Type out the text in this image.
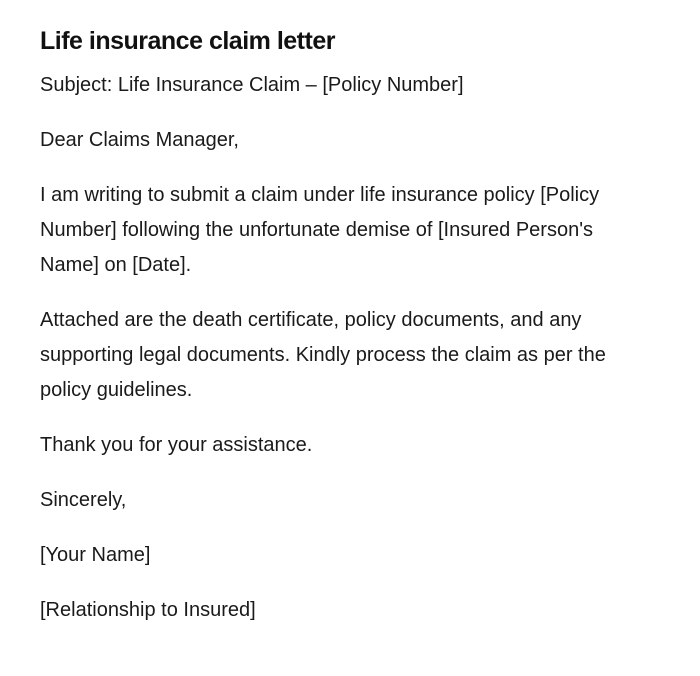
Life insurance claim letter

Subject: Life Insurance Claim – [Policy Number]

Dear Claims Manager,

I am writing to submit a claim under life insurance policy [Policy Number] following the unfortunate demise of [Insured Person's Name] on [Date].

Attached are the death certificate, policy documents, and any supporting legal documents. Kindly process the claim as per the policy guidelines.

Thank you for your assistance.

Sincerely,

[Your Name]

[Relationship to Insured]
